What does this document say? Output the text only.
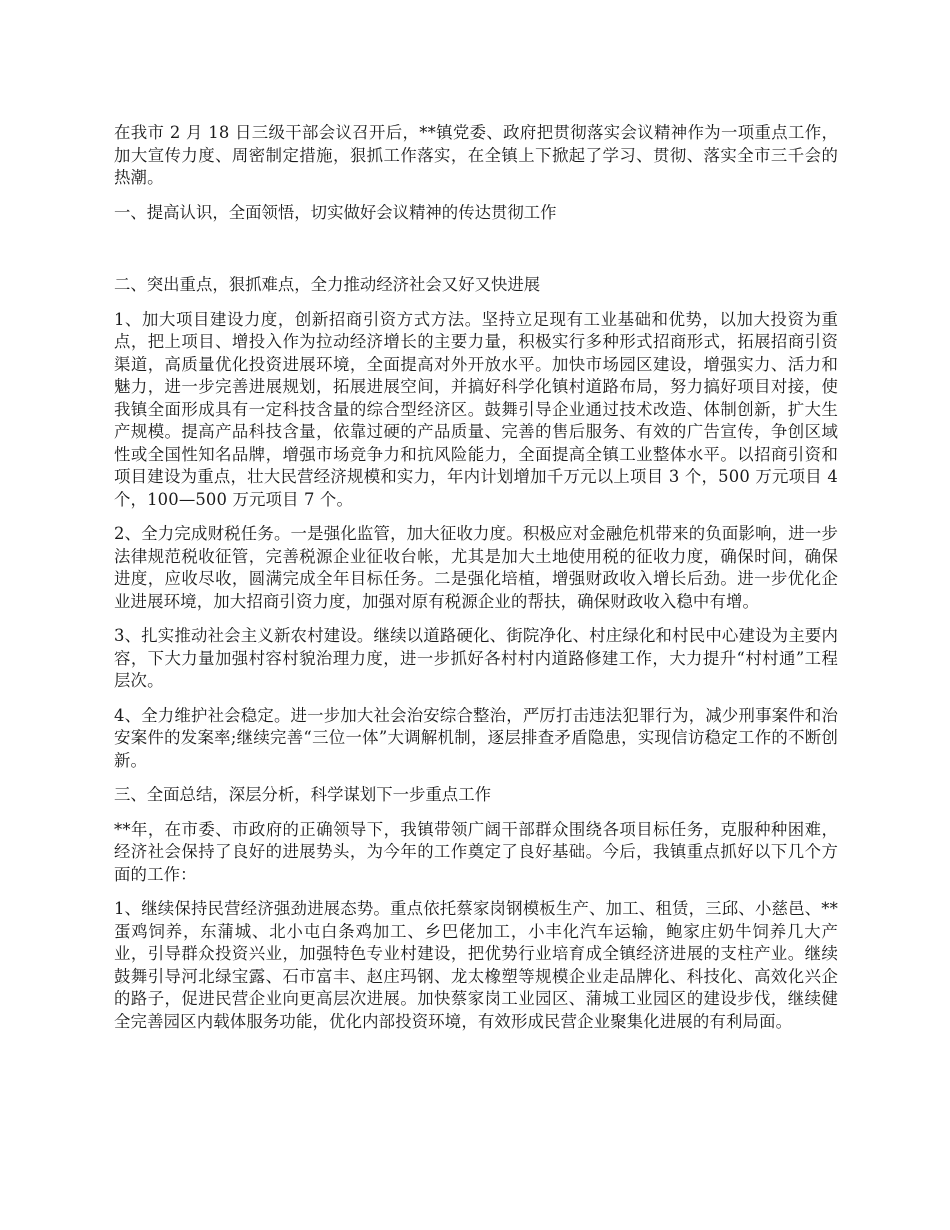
在我市 2 月 18 日三级干部会议召开后，**镇党委、政府把贯彻落实会议精神作为一项重点工作，加大宣传力度、周密制定措施，狠抓工作落实，在全镇上下掀起了学习、贯彻、落实全市三千会的热潮。

一、提高认识，全面领悟，切实做好会议精神的传达贯彻工作

二、突出重点，狠抓难点，全力推动经济社会又好又快进展

1、加大项目建设力度，创新招商引资方式方法。坚持立足现有工业基础和优势，以加大投资为重点，把上项目、增投入作为拉动经济增长的主要力量，积极实行多种形式招商形式，拓展招商引资渠道，高质量优化投资进展环境，全面提高对外开放水平。加快市场园区建设，增强实力、活力和魅力，进一步完善进展规划，拓展进展空间，并搞好科学化镇村道路布局，努力搞好项目对接，使我镇全面形成具有一定科技含量的综合型经济区。鼓舞引导企业通过技术改造、体制创新，扩大生产规模。提高产品科技含量，依靠过硬的产品质量、完善的售后服务、有效的广告宣传，争创区域性或全国性知名品牌，增强市场竞争力和抗风险能力，全面提高全镇工业整体水平。以招商引资和项目建设为重点，壮大民营经济规模和实力，年内计划增加千万元以上项目 3 个，500 万元项目 4 个，100—500 万元项目 7 个。

2、全力完成财税任务。一是强化监管，加大征收力度。积极应对金融危机带来的负面影响，进一步法律规范税收征管，完善税源企业征收台帐，尤其是加大土地使用税的征收力度，确保时间，确保进度，应收尽收，圆满完成全年目标任务。二是强化培植，增强财政收入增长后劲。进一步优化企业进展环境，加大招商引资力度，加强对原有税源企业的帮扶，确保财政收入稳中有增。

3、扎实推动社会主义新农村建设。继续以道路硬化、街院净化、村庄绿化和村民中心建设为主要内容，下大力量加强村容村貌治理力度，进一步抓好各村村内道路修建工作，大力提升“村村通”工程层次。

4、全力维护社会稳定。进一步加大社会治安综合整治，严厉打击违法犯罪行为，减少刑事案件和治安案件的发案率;继续完善“三位一体”大调解机制，逐层排查矛盾隐患，实现信访稳定工作的不断创新。

三、全面总结，深层分析，科学谋划下一步重点工作

**年，在市委、市政府的正确领导下，我镇带领广阔干部群众围绕各项目标任务，克服种种困难，经济社会保持了良好的进展势头，为今年的工作奠定了良好基础。今后，我镇重点抓好以下几个方面的工作：

1、继续保持民营经济强劲进展态势。重点依托蔡家岗钢模板生产、加工、租赁，三邱、小慈邑、**蛋鸡饲养，东蒲城、北小屯白条鸡加工、乡巴佬加工，小丰化汽车运输，鲍家庄奶牛饲养几大产业，引导群众投资兴业，加强特色专业村建设，把优势行业培育成全镇经济进展的支柱产业。继续鼓舞引导河北绿宝露、石市富丰、赵庄玛钢、龙太橡塑等规模企业走品牌化、科技化、高效化兴企的路子，促进民营企业向更高层次进展。加快蔡家岗工业园区、蒲城工业园区的建设步伐，继续健全完善园区内载体服务功能，优化内部投资环境，有效形成民营企业聚集化进展的有利局面。
